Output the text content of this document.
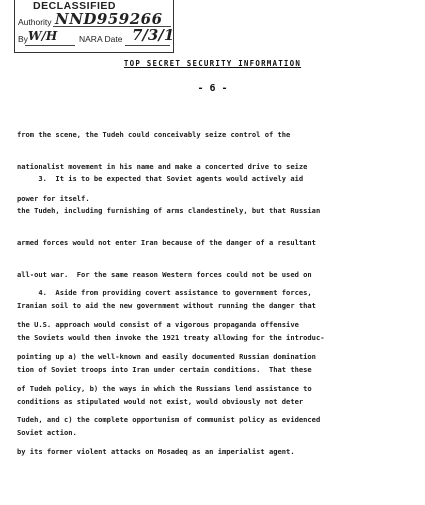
DECLASSIFIED
Authority NND959266
By W/H	NARA Date 7/3/1
TOP SECRET SECURITY INFORMATION
- 6 -

from the scene, the Tudeh could conceivably seize control of the

nationalist movement in his name and make a concerted drive to seize

power for itself.

3.  It is to be expected that Soviet agents would actively aid

the Tudeh, including furnishing of arms clandestinely, but that Russian

armed forces would not enter Iran because of the danger of a resultant

all-out war.  For the same reason Western forces could not be used on

Iranian soil to aid the new government without running the danger that

the Soviets would then invoke the 1921 treaty allowing for the introduc-

tion of Soviet troops into Iran under certain conditions.  That these

conditions as stipulated would not exist, would obviously not deter

Soviet action.

4.  Aside from providing covert assistance to government forces,

the U.S. approach would consist of a vigorous propaganda offensive

pointing up a) the well-known and easily documented Russian domination

of Tudeh policy, b) the ways in which the Russians lend assistance to

Tudeh, and c) the complete opportunism of communist policy as evidenced

by its former violent attacks on Mosadeq as an imperialist agent.
